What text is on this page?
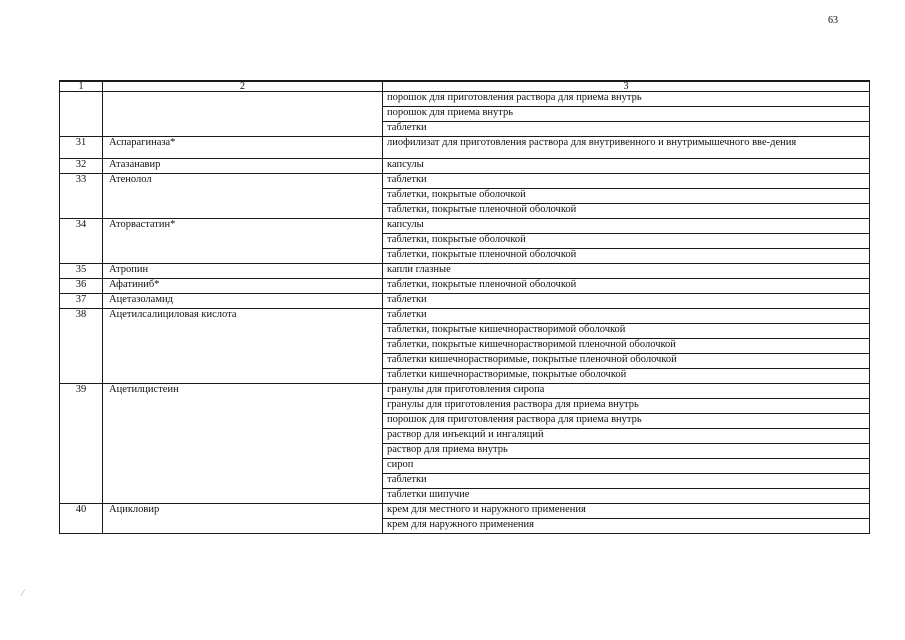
63
1	2	3
		порошок для приготовления раствора для приема внутрь
		порошок для приема внутрь
		таблетки
31	Аспарагиназа*	лиофилизат для приготовления раствора для внутривенного и внутримышечного вве-дения
32	Атазанавир	капсулы
33	Атенолол	таблетки
		таблетки, покрытые оболочкой
		таблетки, покрытые пленочной оболочкой
34	Аторвастатин*	капсулы
		таблетки, покрытые оболочкой
		таблетки, покрытые пленочной оболочкой
35	Атропин	капли глазные
36	Афатиниб*	таблетки, покрытые пленочной оболочкой
37	Ацетазоламид	таблетки
38	Ацетилсалициловая кислота	таблетки
		таблетки, покрытые кишечнорастворимой оболочкой
		таблетки, покрытые кишечнорастворимой пленочной оболочкой
		таблетки кишечнорастворимые, покрытые пленочной оболочкой
		таблетки кишечнорастворимые, покрытые оболочкой
39	Ацетилцистеин	гранулы для приготовления сиропа
		гранулы для приготовления раствора для приема внутрь
		порошок для приготовления раствора для приема внутрь
		раствор для инъекций и ингаляций
		раствор для приема внутрь
		сироп
		таблетки
		таблетки шипучие
40	Ацикловир	крем для местного и наружного применения
		крем для наружного применения
⁄
